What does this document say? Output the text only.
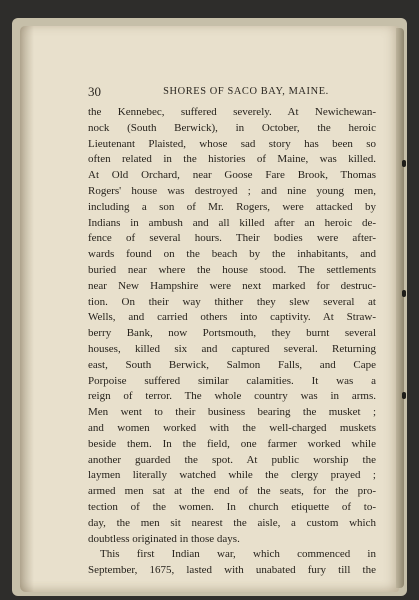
30	SHORES OF SACO BAY, MAINE.
the Kennebec, suffered severely. At Newichewan-
nock (South Berwick), in October, the heroic
Lieutenant Plaisted, whose sad story has been so
often related in the histories of Maine, was killed.
At Old Orchard, near Goose Fare Brook, Thomas
Rogers' house was destroyed ; and nine young men,
including a son of Mr. Rogers, were attacked by
Indians in ambush and all killed after an heroic de-
fence of several hours. Their bodies were after-
wards found on the beach by the inhabitants, and
buried near where the house stood. The settlements
near New Hampshire were next marked for destruc-
tion. On their way thither they slew several at
Wells, and carried others into captivity. At Straw-
berry Bank, now Portsmouth, they burnt several
houses, killed six and captured several. Returning
east, South Berwick, Salmon Falls, and Cape
Porpoise suffered similar calamities. It was a
reign of terror. The whole country was in arms.
Men went to their business bearing the musket ;
and women worked with the well-charged muskets
beside them. In the field, one farmer worked while
another guarded the spot. At public worship the
laymen literally watched while the clergy prayed ;
armed men sat at the end of the seats, for the pro-
tection of the women. In church etiquette of to-
day, the men sit nearest the aisle, a custom which
doubtless originated in those days.
This first Indian war, which commenced in
September, 1675, lasted with unabated fury till the
